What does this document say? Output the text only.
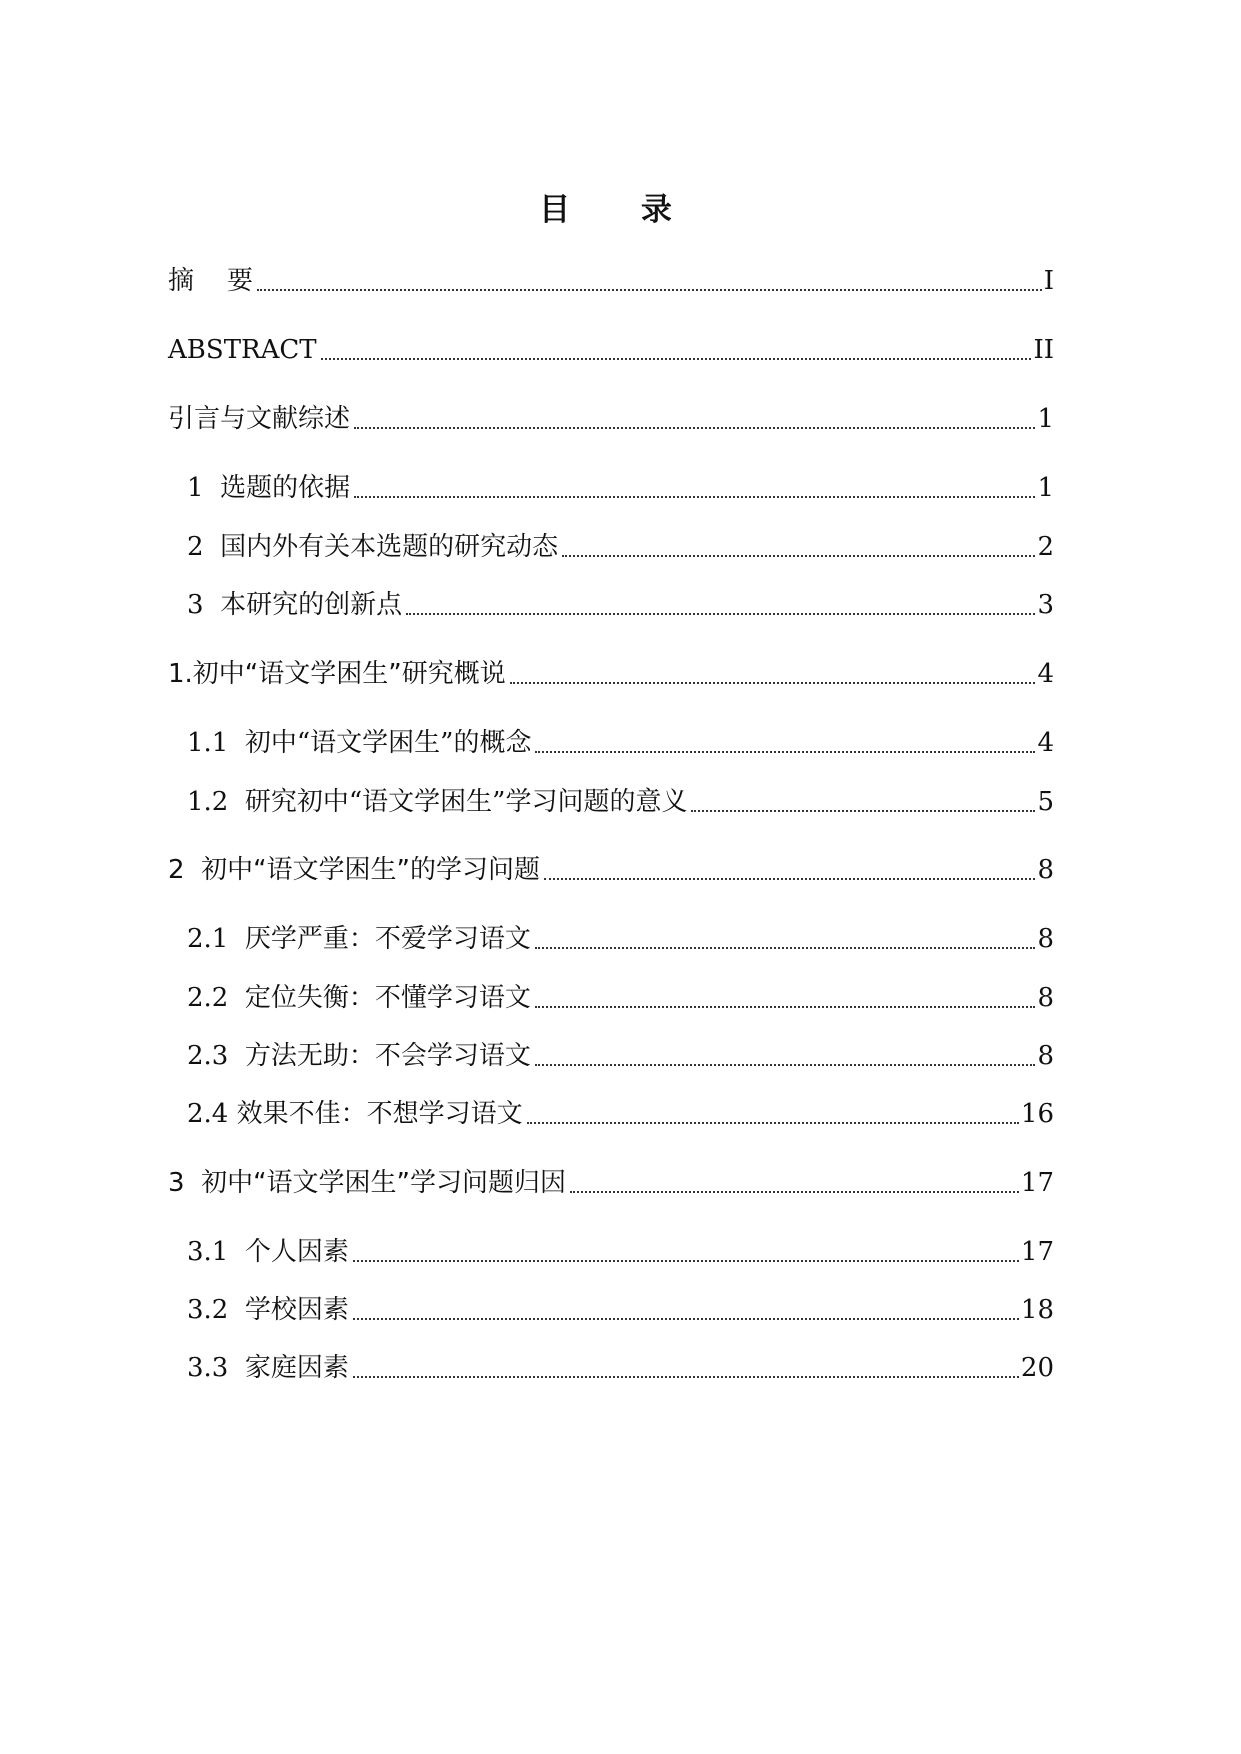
目 录
摘    要	I
ABSTRACT	II
引言与文献综述	1
1  选题的依据	1
2  国内外有关本选题的研究动态	2
3  本研究的创新点	3
1.初中“语文学困生”研究概说	4
1.1  初中“语文学困生”的概念	4
1.2  研究初中“语文学困生”学习问题的意义	5
2  初中“语文学困生”的学习问题	8
2.1  厌学严重：不爱学习语文	8
2.2  定位失衡：不懂学习语文	8
2.3  方法无助：不会学习语文	8
2.4 效果不佳：不想学习语文	16
3  初中“语文学困生”学习问题归因	17
3.1  个人因素	17
3.2  学校因素	18
3.3  家庭因素	20
